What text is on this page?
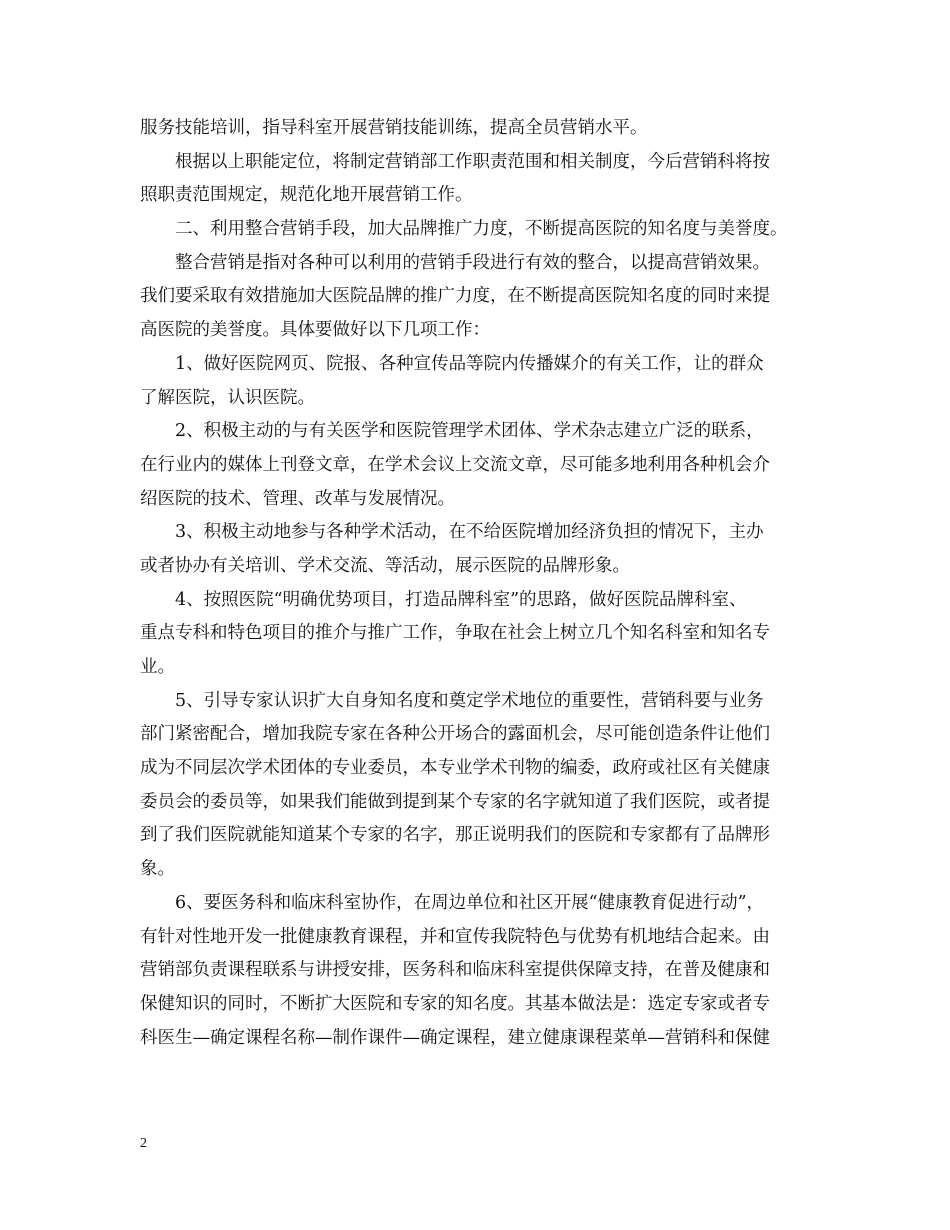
服务技能培训，指导科室开展营销技能训练，提高全员营销水平。
根据以上职能定位，将制定营销部工作职责范围和相关制度，今后营销科将按
照职责范围规定，规范化地开展营销工作。
二、利用整合营销手段，加大品牌推广力度，不断提高医院的知名度与美誉度。
整合营销是指对各种可以利用的营销手段进行有效的整合，以提高营销效果。
我们要采取有效措施加大医院品牌的推广力度，在不断提高医院知名度的同时来提
高医院的美誉度。具体要做好以下几项工作：
1、做好医院网页、院报、各种宣传品等院内传播媒介的有关工作，让的群众
了解医院，认识医院。
2、积极主动的与有关医学和医院管理学术团体、学术杂志建立广泛的联系，
在行业内的媒体上刊登文章，在学术会议上交流文章，尽可能多地利用各种机会介
绍医院的技术、管理、改革与发展情况。
3、积极主动地参与各种学术活动，在不给医院增加经济负担的情况下，主办
或者协办有关培训、学术交流、等活动，展示医院的品牌形象。
4、按照医院“明确优势项目，打造品牌科室”的思路，做好医院品牌科室、
重点专科和特色项目的推介与推广工作，争取在社会上树立几个知名科室和知名专
业。
5、引导专家认识扩大自身知名度和奠定学术地位的重要性，营销科要与业务
部门紧密配合，增加我院专家在各种公开场合的露面机会，尽可能创造条件让他们
成为不同层次学术团体的专业委员，本专业学术刊物的编委，政府或社区有关健康
委员会的委员等，如果我们能做到提到某个专家的名字就知道了我们医院，或者提
到了我们医院就能知道某个专家的名字，那正说明我们的医院和专家都有了品牌形
象。
6、要医务科和临床科室协作，在周边单位和社区开展“健康教育促进行动”，
有针对性地开发一批健康教育课程，并和宣传我院特色与优势有机地结合起来。由
营销部负责课程联系与讲授安排，医务科和临床科室提供保障支持，在普及健康和
保健知识的同时，不断扩大医院和专家的知名度。其基本做法是：选定专家或者专
科医生—确定课程名称—制作课件—确定课程，建立健康课程菜单—营销科和保健
2
